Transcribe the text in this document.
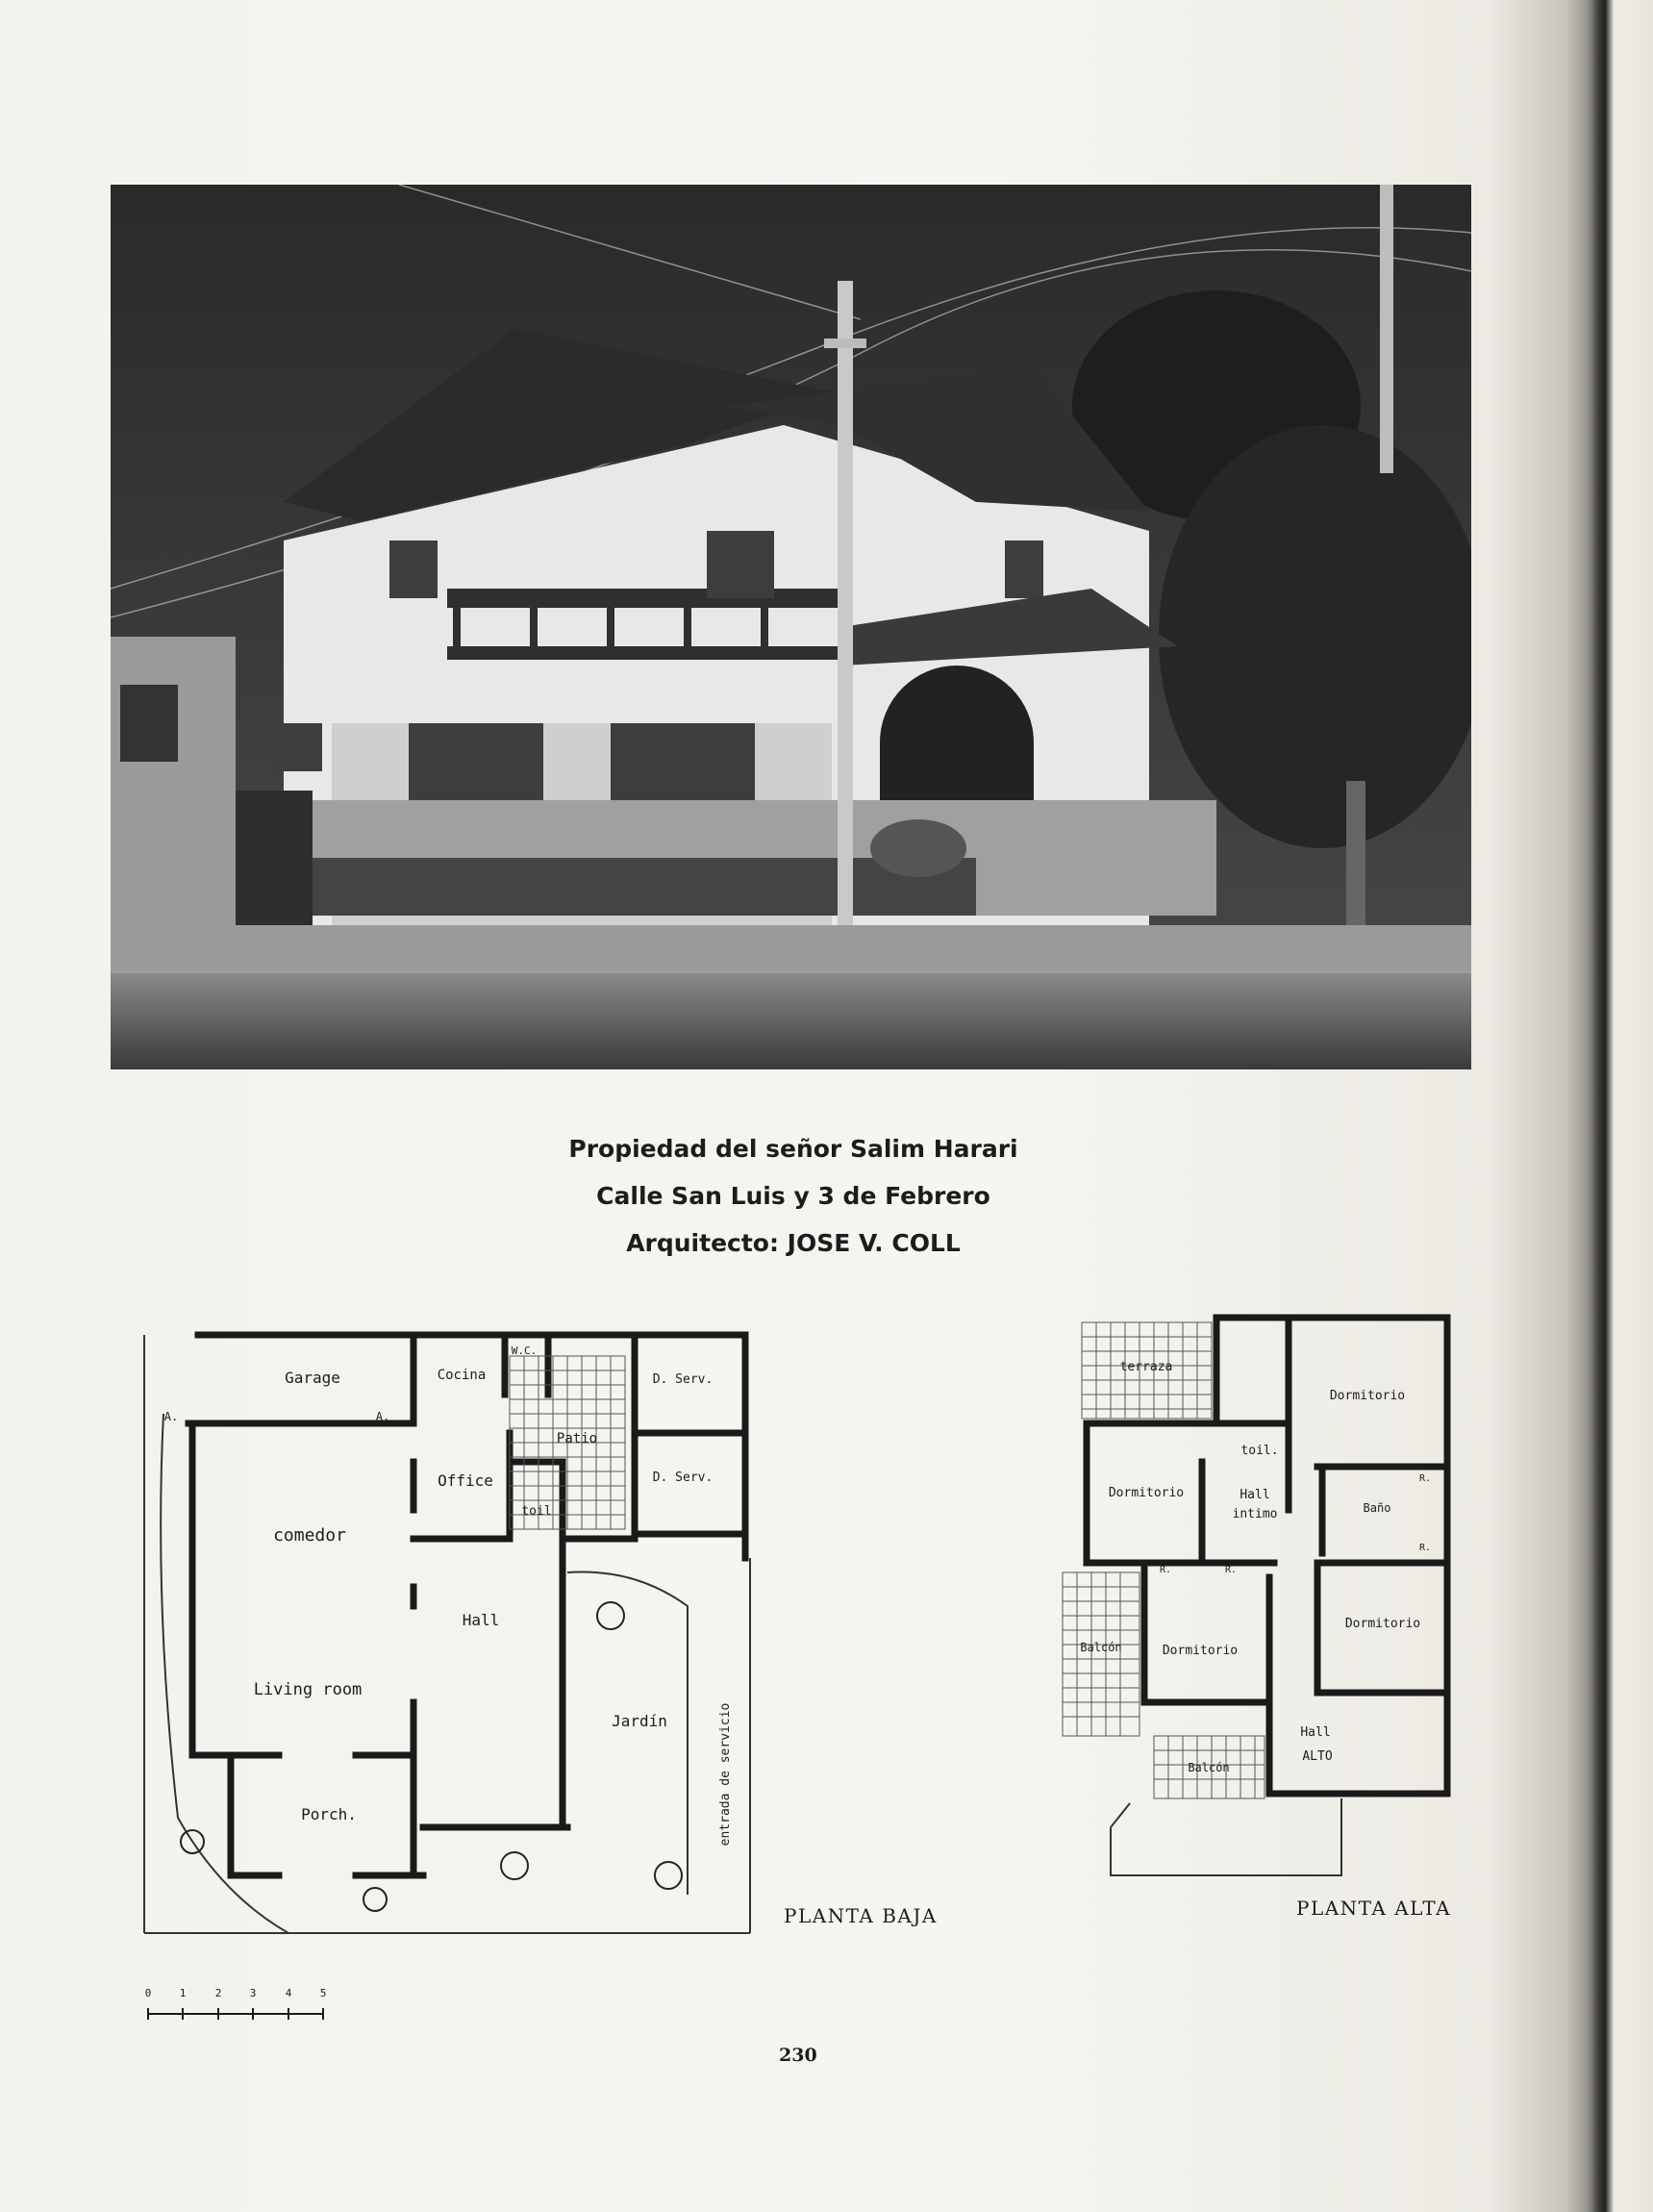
Propiedad del señor Salim Harari
Calle San Luis y 3 de Febrero
Arquitecto: JOSE V. COLL
Garage	Cocina
W.C.
D. Serv.
D. Serv.
Patio
Office
toil
A.	A.
comedor
Hall
Living room
Porch.
Jardín	entrada de servicio
PLANTA BAJA
terraza
Dormitorio
toil.
Dormitorio	Hall
intimo	Baño
R.
R.
R.	R.
Balcón	Dormitorio
Dormitorio
Hall
ALTO
Balcón
PLANTA ALTA
0	1	2	3	4	5
230
